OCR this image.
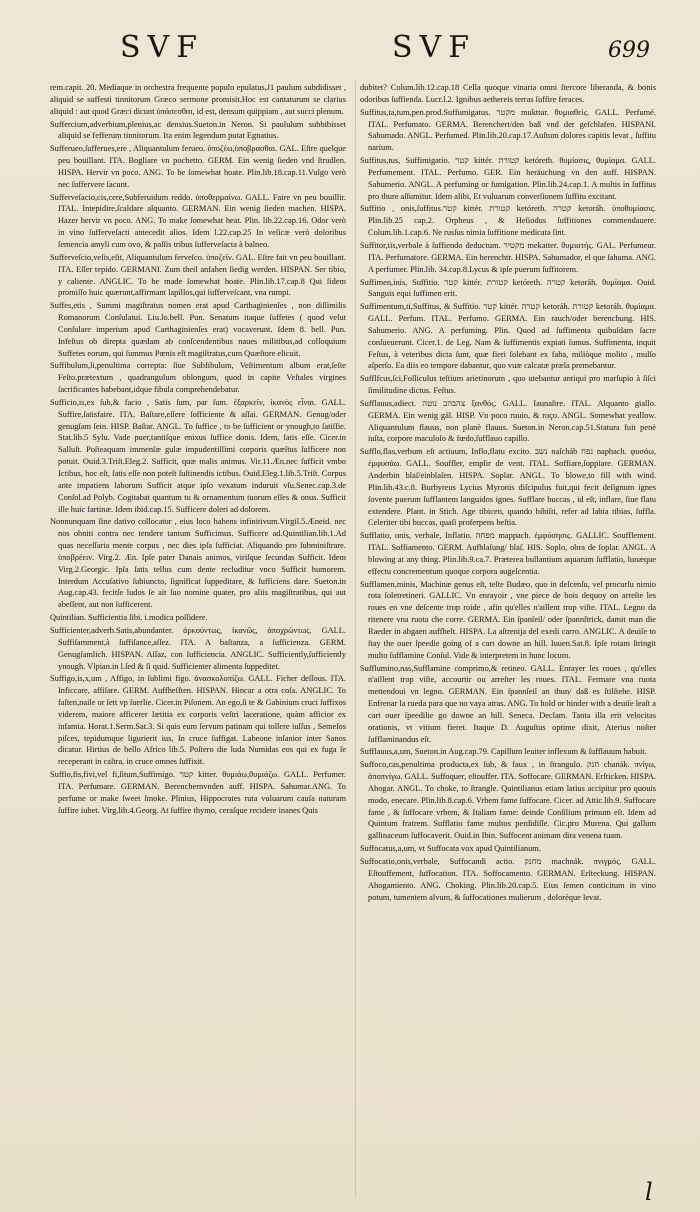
SVF	SVF	699

rem.capit. 20. Mediaque in orchestra frequente populo epulatus,J1 paulum subdidisset , aliquid se suffesti tinnitorum Græco sermone promisit.Hoc est cantaturum se clarius aliquid : aut quod Græci dicunt ὑπάσεσθαι, id est, densum quippiam , aut succi plenum.

Suffercium,adverbium,plenius,ac densius.Sueton.in Neron. Si paululum subbibisset aliquid se fefferum tinnitorum. Ita enim legendum putat Egnatius.

Sufferueo,ſufferues,ere , Aliquantulum ferueo. ὑποζέω,ὑποβρασθαι. GAL. Eſtre quelque peu bouillant. ITA. Bogliare vn pochetto. GERM. Ein wenig ſieden vnd ſtrudlen. HISPA. Hervir vn poco. ANG. To be ſomewhat hoate. Plin.lib.18.cap.11.Vulgo verò nec ſuffervere ſacunt.

Sufferveſacio,cis,cere,Subferuidum reddo. ὑποθερμαίνω. GALL. Faire vn peu bouillir. ITAL. Intepidire,ſcaldare alquanto. GERMAN. Ein wenig ſieden machen. HISPA. Hazer hervir vn poco. ANG. To make ſomewhat heat. Plin. lib.22.cap.16. Odor verò in vino ſufferveſacti antecedit alios. Idem l.22.cap.25 In veſicæ verò doloribus ſemencia amyli cum ovo, & paſſis tribus ſufferveſacta à balneo.

Sufferveſcio,veſis,eſit, Aliquantulum ferveſco. ὑποζεῖν. GAL. Eſtre fait vn peu bouillant. ITA. Eſſer tepido. GERMANI. Zum theil anfahen ſiedig werden. HISPAN. Ser tibio, y caliente. ANGLIC. To be made ſomewhat hoate. Plin.lib.17.cap.8 Qui ſidem promiſſo huic quærunt,affirmant lapillos,qui ſufferveſcant, vna rumpi.

Suffes,etis , Summi magiſtratus nomen erat apud Carthaginienſes , non diſſimilis Romanorum Conſulatui. Liu.lo.bell. Pun. Senatum itaque ſuffetes ( quod velut Conſulare imperium apud Carthaginienſes erat) vocaverunt. Idem 8. bell. Pun. Infeſtus ob direpta quædam ab conſcendentibus naues militibus,ad colloquium Suffetes eorum, qui ſummus Pœnis eſt magiſtratus,cum Quæſtore elicuit.

Suffibulum,li,penultima correpta: ſiue Subfibulum, Veſtimentum album erat,ſeſte Feſto.prætextum , quadrangulum oblongum, quod in capite Veſtales virgines ſacrificantes habebant,idque fibula comprehendebatur.

Sufficio,is,ex ſub,& facio , Satis ſum, par ſum. ἐξαρκεῖν, ἱκανὸς εἶναι. GALL. Suffire,ſatisfaire. ITA. Baſtare,eſſere ſofficiente & aſſai. GERMAN. Genug/oder genugſam ſein. HISP. Baſtar. ANGL. To ſuffice , to be ſufficient or ynough,to ſatiſfie. Stat.lib.5 Sylu. Vade puer,tantiſque enixus ſuffice donis. Idem, ſatis eſſe. Cicer.in Salluſt. Poſteaquam immenſæ gulæ impudentiſſimi corporis quæſtus ſufficere non potuit. Ouid.3.Triſt.Eleg.2. Sufficit, quæ malis animus. Vir.11.Æn.nec ſufficit vmbo Ictibus, hoc eſt, ſatis eſſe non poteſt ſuſtinendis ictibus. Ouid.Eleg.1.lib.5.Triſt. Corpus ante impatiens laborum Sufficit atque ipſo vexatum induruit vſu.Senec.cap.3.de Conſol.ad Polyb. Cogitabat quantum tu & ornamentum tuorum eſſes & onus. Sufficit ille huic fartinæ. Idem ibid.cap.15. Sufficere doleri ad dolorem.

Nonnunquam ſine dativo collocatur , eius loco habens infinitivum.Virgil.5.Æneid. nec nos obniti contra nec tendere tantum Sufficimus. Sufficere ad.Quintilian.lib.1.Ad quas neceſſaria mente corpus , nec dies ipſa ſufficiat. Aliquando pro ſubminiſtrare. ὑποβρέειν. Virg.2. Æn. Ipſe pater Danais animos, viriſque ſecundas Sufficit. Idem Virg.2.Georgic. Ipſa ſatis tellus cum dente recluditur vnco Sufficit humorem. Interdum Accuſativo ſubiuncto, ſignificat ſuppeditare, & ſufficiens dare. Sueton.in Aug.cap.43. fecitſe ludos ſe ait ſuo nomine quater, pro aliis magiſtratibus, qui aut abeſſent, aut non ſufficerent.

Quintilian. Sufficientia ſibi. i.modica poſſidere.

Sufficienter,adverb.Satis,abundanter. ἀρκούντως, ἱκανῶς, ἀποχρώντως. GALL. Suffiſamment,à ſuffiſance,aſſez. ITA. A baſtanza, a ſufficienza. GERM. Genugſamlich. HISPAN. Aſſaz, con ſufficiencia. ANGLIC. Sufficiently,ſufficiently ynough. Vlpian.in l.ſed & ſi quid. Sufficienter alimenta ſuppeditet.

Suffigo,is,x,um , Affigo, in ſublimi figo. ἀνασκολοπίζω. GALL. Ficher deſſous. ITA. Inficcare, affiſare. GERM. Auffheſften. HISPAN. Hincar a otra coſa. ANGLIC. To faſten,naile or ſett vp ſuerlie. Cicer.in Piſonem. An ego,ſi te & Gabinium cruci ſuffixos viderem, maiore afficerer lætitia ex corporis veſtri laceratione, quàm afficior ex infamia. Horat.1.Serm.Sat.3. Si quis eum ſervum patinam qui tollere iuſſus , Semeſos piſces, tepidumque ligurierit ius, In cruce ſuffigat. Labeone inſanior inter Sanos dicatur. Hirtius de bello Africo lib.5. Poſtero die luda Numidas eos qui ex fuga ſe receperant in caſtra, in cruce omnes ſuffixit.

Suffio,fis,fivi,vel fi,ſitum,Suffimigo. קטר kitter. θυμιάω,θυμιάζω. GALL. Perfumer. ITA. Perfumare. GERMAN. Berenchernvnden auff. HISPA. Sahumar.ANG. To perfume or make ſweet ſmoke. Plinius, Hippocrates ruta vuluarum cauſa naturam ſuffire iubet. Virg.lib.4.Georg. At ſuffire thymo, ceraſque recidere inanes Quis

dubitet? Colum.lib.12.cap.18 Cella quoque vinaria omni ſtercore liberanda, & bonis odoribus ſuffienda. Lucr.l.2. Ignibus aethereis terras ſuffire feraces.

Suffitus,ta,tum,pen.prod.Suffumigatus. מקטר mukttar. θυμιαθεὶς. GALL. Perfumé. ITAL. Perfumato. GERMA. Berenchert/den baß vnd der geſchlafen. HISPANI. Sahumado. ANGL. Perfumed. Plin.lib.20.cap.17.Auſtum dolores capitis levat , ſuffitu narium.

Suffitus,tus, Suffimigatio. קטר kittér. קטורת ketóreth. θυμίασις, θυμίαμα. GALL. Perfumement. ITAL. Perfumo. GER. Ein beräuchung vn den auff. HISPAN. Sahumerio. ANGL. A perfuming or fumigation. Plin.lib.24.cap.1. A multis in ſuffitus pro thure aſſumitur. Idem alibi, Et vuluarum converſionem ſuffitu excitant.

Suffitio , onis,ſuffitus.קטר kittér. קטורת ketóreth. קטרה ketoráh. ὑποθυμίασις. Plin.lib.25 cap.2. Orpheus , & Heſiodus ſuffitiones commendauere. Colum.lib.1.cap.6. Ne rusſus nimia ſuffitione medicata ſint.

Suffitor,tis,verbale à ſuffiendo deductum. מקטיר mekatter. θυμιατής. GAL. Perfumeur. ITA. Perfumatore. GERMA. Ein berenchtr. HISPA. Sahumador, el que ſahuma. ANG. A perfumer. Plin.lib. 34.cap.8.Lycus & ipſe puerum ſuffitorem.

Suffimen,inis, Suffitio. קטר kittér. קטורת ketóreth. קטרה ketoráh. θυμίαμα. Ouid. Sanguis equi ſuffimen erit.

Suffimentum,ti,Suffitus, & Suffitio. קטר kittér. קטרה ketoráh. קטורת ketoráh. θυμίαμα. GALL. Perfum. ITAL. Perfumo. GERMA. Ein rauch/oder berenchung. HIS. Sahumerio. ANG. A perfuming. Plin. Quod ad ſuffimenta quibuſdam ſacre conſueuerunt. Cicer.1. de Leg. Nam & ſuffimentis expiati ſumus. Suffimenta, inquit Feſtus, à veteribus dicta ſunt, quæ fieri ſolebant ex faba, miliòque molito , mulſo aſperſo. Ea diis eo tempore dabantur, quo vuæ calcatæ præla premebantur.

Sufflfcus,ſci,Folliculus teſtium arietinorum , quo utebantur antiqui pro marſupio à ſiſci ſimilitudine dictus. Feſtus.

Sufflauus,adiect. צהבהב נוטה ξανθός. GALL. Iaunaſtre. ITAL. Alquanto giallo. GERMA. Ein wenig gäl. HISP. Vn poco ruuio, & roço. ANGL. Somewhat yeallow. Aliquantulum flauus, non planè flauus. Sueton.in Neron.cap.51.Statura fuit penè iuſta, corpore maculoſo & fœdo,ſufflauo capillo.

Sufflo,flas,verbum eſt actiuum, Inflo,flatu excito. נשב naſcháb נפח naphach. φυσάω, ἐμφυσάω. GALL. Souffler, emplir de vent. ITAL. Soffiare,ſoppiare. GERMAN. Anderbin blaſ/einblaſen. HISPA. Soplar. ANGL. To blowe,to fill with wind. Plin.lib.43.c.8. Burbyreus Lycius Myronis diſcipulus fuit,qui fecit deſignum ignes ſovente puerum ſufflantem languidos ignes. Sufflare buccas , id eſt, inflare, ſiue flatu extendere. Plant. in Stich. Age tibicen, quando bibiſti, refer ad labia tibias, ſuffla. Celeriter tibi buccas, quaſi proferpens beſtia.

Sufflatio, onis, verbale, Inflatio. מפחה mappach. ἐμφύσησις. GALLIC. Soufflement. ITAL. Soffiamento. GERM. Aufblaſung/ blaſ. HIS. Soplo, obra de ſoplar. ANGL. A blowing at any thing. Plin.lib.9.ca.7. Præterea bullantium aquarum ſufflatio, lunæque effectu concrementum quoque corpora augeſcentia.

Sufflamen,minis, Machinæ genus eſt, teſte Budæo, quo in deſcenſu, vel procurſu nimio rota ſoletretineri. GALLIC. Vn enrayoir , vne piece de bois dequoy on arreſte les roues en vne deſcente trop roide , afin qu'elles n'aillent trop viſte. ITAL. Legno da ritenere vna ruota che corre. GERMA. Ein ſpanſeil/ oder ſpannſtrick, damit man die Raeder in abgaen auffhelt. HISPA. La aſtrenija del exedi carro. ANGLIC. A deuiſe to ſtay the ouer ſpeedie going of a cart downe an hill. Iuuen.Sat.8. Ipſe rotam ſtringit multo ſufflamine Conſul. Vide & interpretem in hunc locum.

Sufflumino,nas,Sufflamine comprimo,& retineo. GALL. Enrayer les roues , qu'elles n'aillent trop viſte, accourtir ou arreſter les roues. ITAL. Fermare vna ruota mettendoui vn legno. GERMAN. Ein ſpannſeil an thun/ daß es ſtilſtehe. HISP. Enfrenar la rueda para que no vaya atras. ANG. To hold or hinder with a deuiſe leaſt a cart ouer ſpeedilie go downe an hill. Seneca. Declam. Tanta illa erit velocitas orationis, vt vitium fieret. Itaque D. Auguſtus optime dixit, Aterius noſter ſufflaminandus eſt.

Sufflauus,a,um, Sueton.in Aug.cap.79. Capillum leuiter inflexum & ſufflauum habuit.

Suffoco,cas,penultima producta,ex ſub, & faux , in ſtrangulo. חנק chanák. πνίγω, ἀποπνίγω. GALL. Suffoquer, eſtouffer. ITA. Soffocare. GERMAN. Erſticken. HISPA. Ahogar. ANGL. To choke, to ſtrangle. Quintilianus etiam latius accipitur pro quouis modo, enecare. Plin.lib.8.cap.6. Vrbem fame ſuffocare. Cicer. ad Attic.lib.9. Suffocare fame , & ſuffocare vrbem, & Italiam fame: deinde Conſilium primum eſt. Idem ad Quintum fratrem. Sufflatio fame multos perdidiſſe. Cic.pro Murena. Qui gallum gallinaceum ſuffocaverit. Ouid.in Ibin. Suffocent animam dira venena tuam.

Suffocatus,a,um, vt Suffocata vox apud Quintilianum.

Suffocatio,onis,verbale, Suffocandi actio. מחנק machnák. πνιγμός. GALL. Eſtouffement, ſuffocation. ITA. Soffocamento. GERMAN. Erſteckung. HISPAN. Ahogamiento. ANG. Choking. Plin.lib.20.cap.5. Eius ſemen conticitum in vino potum, tumentem alvum, & ſuffocationes mulierum , dolorèque levat.

l
